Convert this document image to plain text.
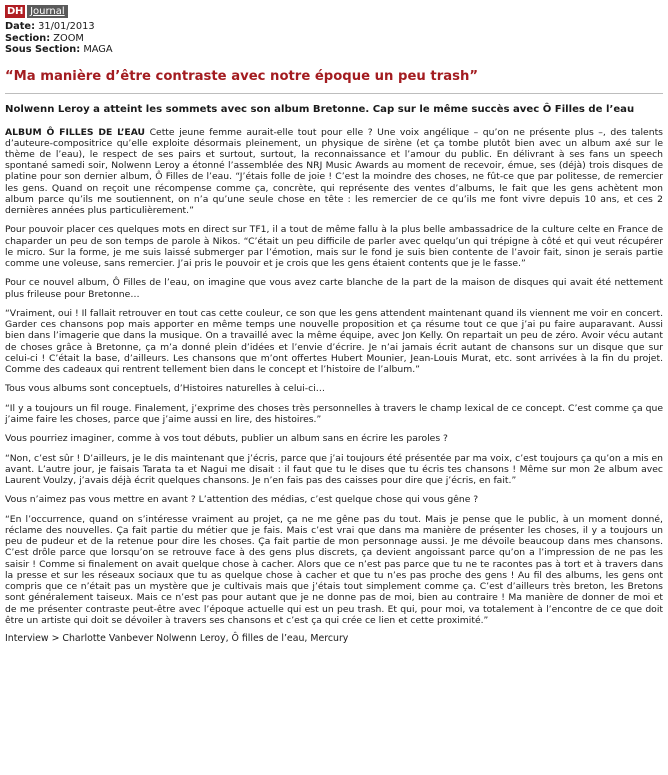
DH Journal
Date: 31/01/2013
Section: ZOOM
Sous Section: MAGA
“Ma manière d’être contraste avec notre époque un peu trash”

Nolwenn Leroy a atteint les sommets avec son album Bretonne. Cap sur le même succès avec Ô Filles de l’eau

ALBUM Ô FILLES DE L’EAU Cette jeune femme aurait-elle tout pour elle ? Une voix angélique – qu’on ne présente plus –, des talents d’auteure-compositrice qu’elle exploite désormais pleinement, un physique de sirène (et ça tombe plutôt bien avec un album axé sur le thème de l’eau), le respect de ses pairs et surtout, surtout, la reconnaissance et l’amour du public. En délivrant à ses fans un speech spontané samedi soir, Nolwenn Leroy a étonné l’assemblée des NRJ Music Awards au moment de recevoir, émue, ses (déjà) trois disques de platine pour son dernier album, Ô Filles de l’eau. “J’étais folle de joie ! C’est la moindre des choses, ne fût-ce que par politesse, de remercier les gens. Quand on reçoit une récompense comme ça, concrète, qui représente des ventes d’albums, le fait que les gens achètent mon album parce qu’ils me soutiennent, on n’a qu’une seule chose en tête : les remercier de ce qu’ils me font vivre depuis 10 ans, et ces 2 dernières années plus particulièrement.”

Pour pouvoir placer ces quelques mots en direct sur TF1, il a tout de même fallu à la plus belle ambassadrice de la culture celte en France de chaparder un peu de son temps de parole à Nikos. “C’était un peu difficile de parler avec quelqu’un qui trépigne à côté et qui veut récupérer le micro. Sur la forme, je me suis laissé submerger par l’émotion, mais sur le fond je suis bien contente de l’avoir fait, sinon je serais partie comme une voleuse, sans remercier. J’ai pris le pouvoir et je crois que les gens étaient contents que je le fasse.”

Pour ce nouvel album, Ô Filles de l’eau, on imagine que vous avez carte blanche de la part de la maison de disques qui avait été nettement plus frileuse pour Bretonne…

“Vraiment, oui ! Il fallait retrouver en tout cas cette couleur, ce son que les gens attendent maintenant quand ils viennent me voir en concert. Garder ces chansons pop mais apporter en même temps une nouvelle proposition et ça résume tout ce que j’ai pu faire auparavant. Aussi bien dans l’imagerie que dans la musique. On a travaillé avec la même équipe, avec Jon Kelly. On repartait un peu de zéro. Avoir vécu autant de choses grâce à Bretonne, ça m’a donné plein d’idées et l’envie d’écrire. Je n’ai jamais écrit autant de chansons sur un disque que sur celui-ci ! C’était la base, d’ailleurs. Les chansons que m’ont offertes Hubert Mounier, Jean-Louis Murat, etc. sont arrivées à la fin du projet. Comme des cadeaux qui rentrent tellement bien dans le concept et l’histoire de l’album.”

Tous vous albums sont conceptuels, d’Histoires naturelles à celui-ci…

“Il y a toujours un fil rouge. Finalement, j’exprime des choses très personnelles à travers le champ lexical de ce concept. C’est comme ça que j’aime faire les choses, parce que j’aime aussi en lire, des histoires.”

Vous pourriez imaginer, comme à vos tout débuts, publier un album sans en écrire les paroles ?

“Non, c’est sûr ! D’ailleurs, je le dis maintenant que j’écris, parce que j’ai toujours été présentée par ma voix, c’est toujours ça qu’on a mis en avant. L’autre jour, je faisais Tarata ta et Nagui me disait : il faut que tu le dises que tu écris tes chansons ! Même sur mon 2e album avec Laurent Voulzy, j’avais déjà écrit quelques chansons. Je n’en fais pas des caisses pour dire que j’écris, en fait.”

Vous n’aimez pas vous mettre en avant ? L’attention des médias, c’est quelque chose qui vous gêne ?

“En l’occurrence, quand on s’intéresse vraiment au projet, ça ne me gêne pas du tout. Mais je pense que le public, à un moment donné, réclame des nouvelles. Ça fait partie du métier que je fais. Mais c’est vrai que dans ma manière de présenter les choses, il y a toujours un peu de pudeur et de la retenue pour dire les choses. Ça fait partie de mon personnage aussi. Je me dévoile beaucoup dans mes chansons. C’est drôle parce que lorsqu’on se retrouve face à des gens plus discrets, ça devient angoissant parce qu’on a l’impression de ne pas les saisir ! Comme si finalement on avait quelque chose à cacher. Alors que ce n’est pas parce que tu ne te racontes pas à tort et à travers dans la presse et sur les réseaux sociaux que tu as quelque chose à cacher et que tu n’es pas proche des gens ! Au fil des albums, les gens ont compris que ce n’était pas un mystère que je cultivais mais que j’étais tout simplement comme ça. C’est d’ailleurs très breton, les Bretons sont généralement taiseux. Mais ce n’est pas pour autant que je ne donne pas de moi, bien au contraire ! Ma manière de donner de moi et de me présenter contraste peut-être avec l’époque actuelle qui est un peu trash. Et qui, pour moi, va totalement à l’encontre de ce que doit être un artiste qui doit se dévoiler à travers ses chansons et c’est ça qui crée ce lien et cette proximité.”

Interview > Charlotte Vanbever Nolwenn Leroy, Ô filles de l’eau, Mercury
